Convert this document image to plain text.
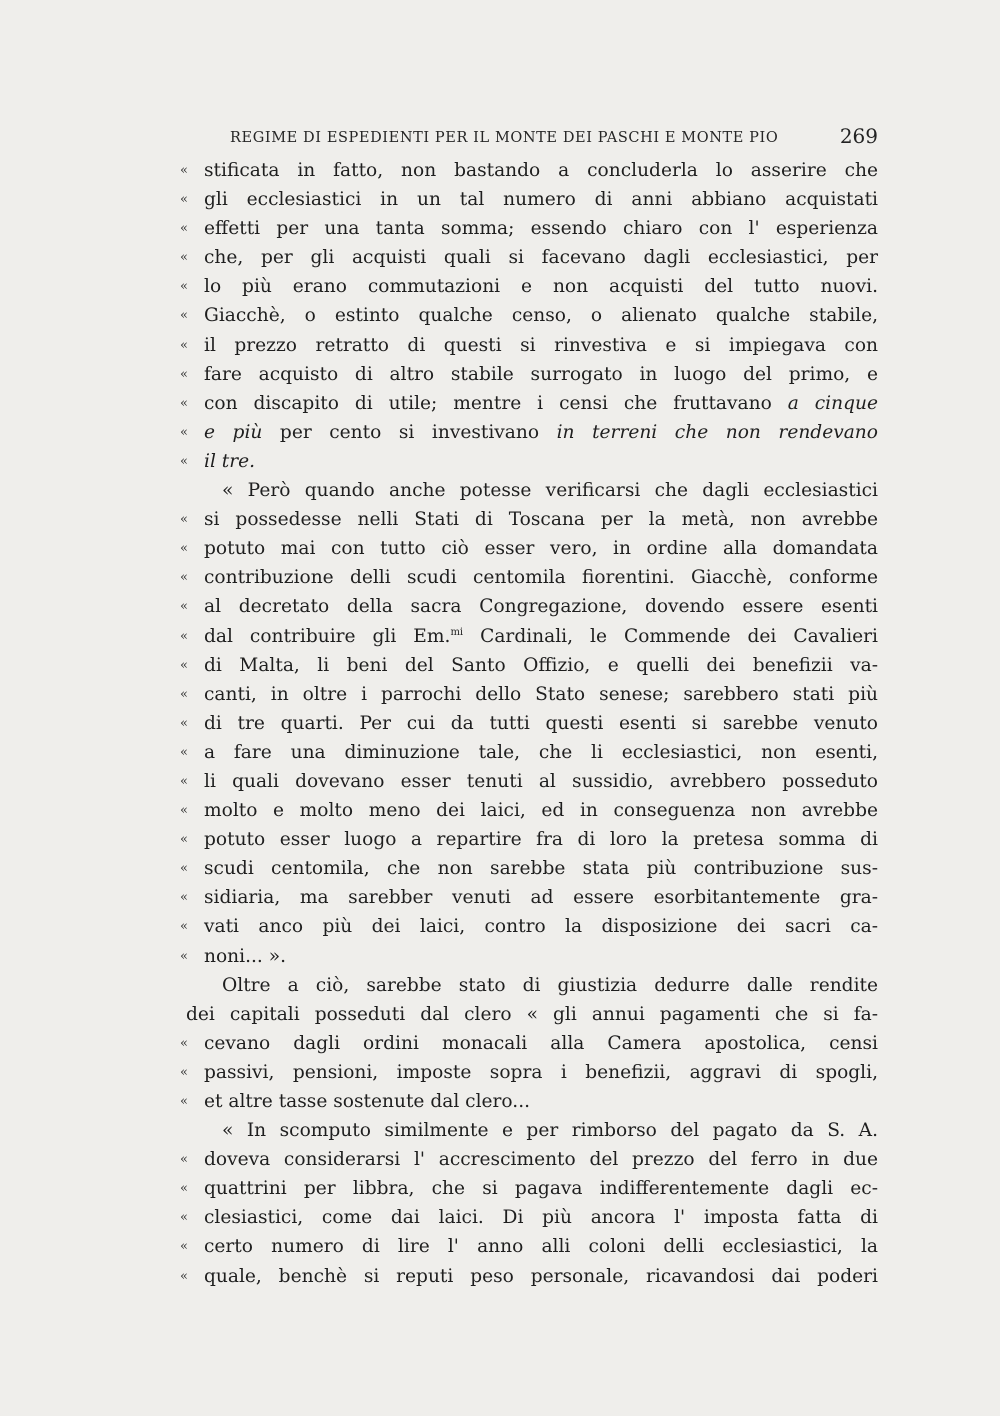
REGIME DI ESPEDIENTI PER IL MONTE DEI PASCHI E MONTE PIO	269
« stificata in fatto, non bastando a concluderla lo asserire che
« gli ecclesiastici in un tal numero di anni abbiano acquistati
« effetti per una tanta somma; essendo chiaro con l' esperienza
« che, per gli acquisti quali si facevano dagli ecclesiastici, per
« lo più erano commutazioni e non acquisti del tutto nuovi.
« Giacchè, o estinto qualche censo, o alienato qualche stabile,
« il prezzo retratto di questi si rinvestiva e si impiegava con
« fare acquisto di altro stabile surrogato in luogo del primo, e
« con discapito di utile; mentre i censi che fruttavano a cinque
« e più per cento si investivano in terreni che non rendevano
« il tre.
« Però quando anche potesse verificarsi che dagli ecclesiastici
« si possedesse nelli Stati di Toscana per la metà, non avrebbe
« potuto mai con tutto ciò esser vero, in ordine alla domandata
« contribuzione delli scudi centomila fiorentini. Giacchè, conforme
« al decretato della sacra Congregazione, dovendo essere esenti
« dal contribuire gli Em.$^{mi}$ Cardinali, le Commende dei Cavalieri
« di Malta, li beni del Santo Offizio, e quelli dei benefizii va-
« canti, in oltre i parrochi dello Stato senese; sarebbero stati più
« di tre quarti. Per cui da tutti questi esenti si sarebbe venuto
« a fare una diminuzione tale, che li ecclesiastici, non esenti,
« li quali dovevano esser tenuti al sussidio, avrebbero posseduto
« molto e molto meno dei laici, ed in conseguenza non avrebbe
« potuto esser luogo a repartire fra di loro la pretesa somma di
« scudi centomila, che non sarebbe stata più contribuzione sus-
« sidiaria, ma sarebber venuti ad essere esorbitantemente gra-
« vati anco più dei laici, contro la disposizione dei sacri ca-
« noni... ».
Oltre a ciò, sarebbe stato di giustizia dedurre dalle rendite
dei capitali posseduti dal clero « gli annui pagamenti che si fa-
« cevano dagli ordini monacali alla Camera apostolica, censi
« passivi, pensioni, imposte sopra i benefizii, aggravi di spogli,
« et altre tasse sostenute dal clero...
« In scomputo similmente e per rimborso del pagato da S. A.
« doveva considerarsi l' accrescimento del prezzo del ferro in due
« quattrini per libbra, che si pagava indifferentemente dagli ec-
« clesiastici, come dai laici. Di più ancora l' imposta fatta di
« certo numero di lire l' anno alli coloni delli ecclesiastici, la
« quale, benchè si reputi peso personale, ricavandosi dai poderi
